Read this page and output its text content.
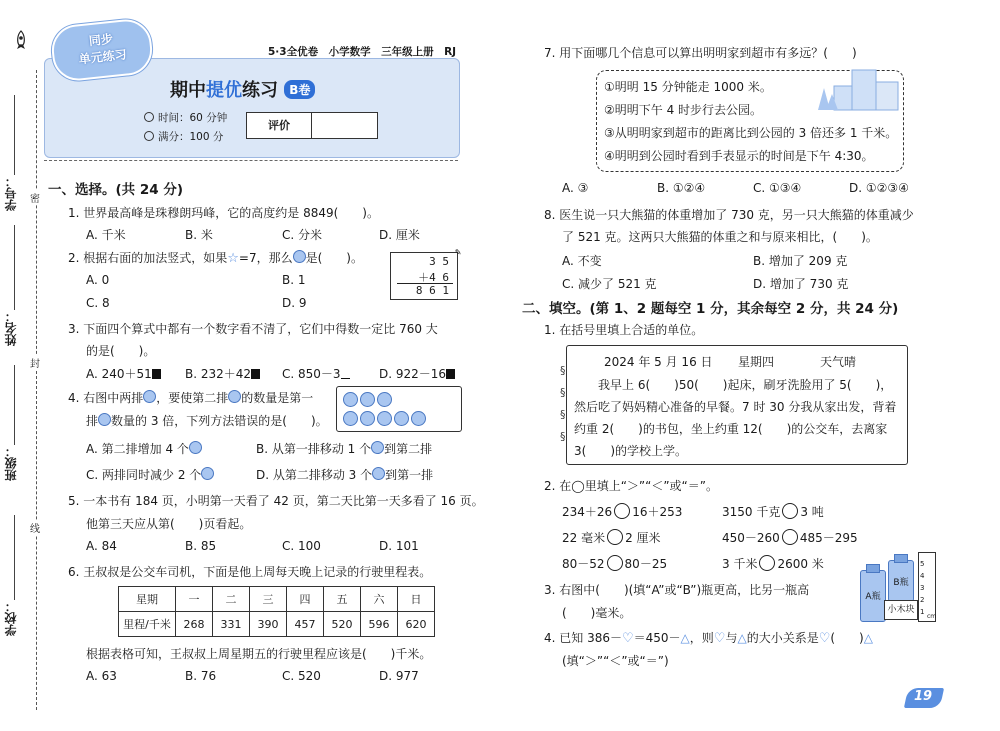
学号：
姓名：
班级：
学校：
密
封
线
同步
单元练习	5·3全优卷　小学数学　三年级上册　RJ
期中提优练习 B卷
时间：60 分钟
满分：100 分
评价
一、选择。(共 24 分)
1. 世界最高峰是珠穆朗玛峰，它的高度约是 8849(　　)。
A. 千米	B. 米	C. 分米	D. 厘米
2. 根据右面的加法竖式，如果☆=7，那么 是(　　)。
A. 0	B. 1
C. 8	D. 9
3 5
＋4 6
8 6 1
✎
3. 下面四个算式中都有一个数字看不清了，它们中得数一定比 760 大
的是(　　)。
A. 240＋51	B. 232＋42	C. 850－3	D. 922－16
4. 右图中两排 ，要使第二排 的数量是第一
排 数量的 3 倍，下列方法错误的是(　　)。
A. 第二排增加 4 个	B. 从第一排移动 1 个 到第二排
C. 两排同时减少 2 个	D. 从第二排移动 3 个 到第一排
5. 一本书有 184 页，小明第一天看了 42 页，第二天比第一天多看了 16 页。
他第三天应从第(　　)页看起。
A. 84	B. 85	C. 100	D. 101
6. 王叔叔是公交车司机，下面是他上周每天晚上记录的行驶里程表。
星期	一	二	三	四	五	六	日
里程/千米	268	331	390	457	520	596	620
根据表格可知，王叔叔上周星期五的行驶里程应该是(　　)千米。
A. 63	B. 76	C. 520	D. 977
7. 用下面哪几个信息可以算出明明家到超市有多远？(　　)
①明明 15 分钟能走 1000 米。
②明明下午 4 时步行去公园。
③从明明家到超市的距离比到公园的 3 倍还多 1 千米。
④明明到公园时看到手表显示的时间是下午 4:30。
A. ③	B. ①②④	C. ①③④	D. ①②③④
8. 医生说一只大熊猫的体重增加了 730 克，另一只大熊猫的体重减少
了 521 克。这两只大熊猫的体重之和与原来相比，(　　)。
A. 不变	B. 增加了 209 克
C. 减少了 521 克	D. 增加了 730 克
二、填空。(第 1、2 题每空 1 分，其余每空 2 分，共 24 分)
1. 在括号里填上合适的单位。
§
§
§
§
2024 年 5 月 16 日 星期四	天气晴
我早上 6(　　)50(　　)起床，刷牙洗脸用了 5(　　)，
然后吃了妈妈精心准备的早餐。7 时 30 分我从家出发，背着
约重 2(　　)的书包，坐上约重 12(　　)的公交车，去离家
3(　　)的学校上学。
2. 在◯里填上“＞”“＜”或“＝”。
234＋26 16＋253	3150 千克 3 吨
22 毫米 2 厘米	450－260 485－295
80－52 80－25	3 千米 2600 米
3. 右图中(　　)(填“A”或“B”)瓶更高，比另一瓶高
(　　)毫米。
A瓶
B瓶
小木块 1
2
3
4
5
cm
4. 已知 386－♡＝450－△，则♡与△的大小关系是♡(　　)△
(填“＞”“＜”或“＝”)
19
